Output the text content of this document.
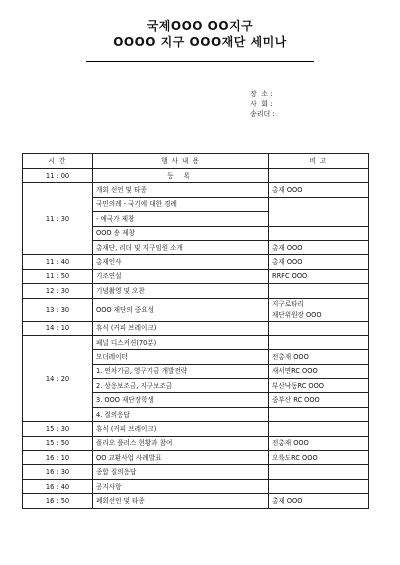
국제OOO OO지구
OOOO 지구 OOO재단 세미나
장  소 :
사  회 :
송리더 :
시 간	행 사 내 용	비 고
11 : 00	등 록	
11 : 30	개회 선언 및 타종	총재 OOO
	국민의례 - 국기에 대한 경례	
	- 애국가 제창	
	OOO 송 제창	
	총재단, 리더 및 지구임원 소개	총재 OOO
11 : 40	총재인사	총재 OOO
11 : 50	기조연설	RRFC OOO
12 : 30	기념촬영 및 오찬	
13 : 30	OOO 재단의 중요성	지구로타리
재단위원장 OOO

14 : 10	휴식 (커피 브레이크)	
14 : 20	패널 디스커션(70분)	
	모더레이터	전총재 OOO
	1. 연차기금, 영구기금 개발전략	새서면RC OOO
	2. 상응보조금, 지구보조금	부산낙동RC OOO
	3. OOO 재단장학생	중부산 RC OOO
	4. 질의응답	
15 : 30	휴식 (커피 브레이크)	
15 : 50	폴리오 플러스 현황과 참여	전총재 OOO
16 : 10	OO 교환사업 사례발표	오륙도RC OOO
16 : 30	종합 질의응답	
16 : 40	공지사항	
16 : 50	폐회선언 및 타종	총재 OOO
